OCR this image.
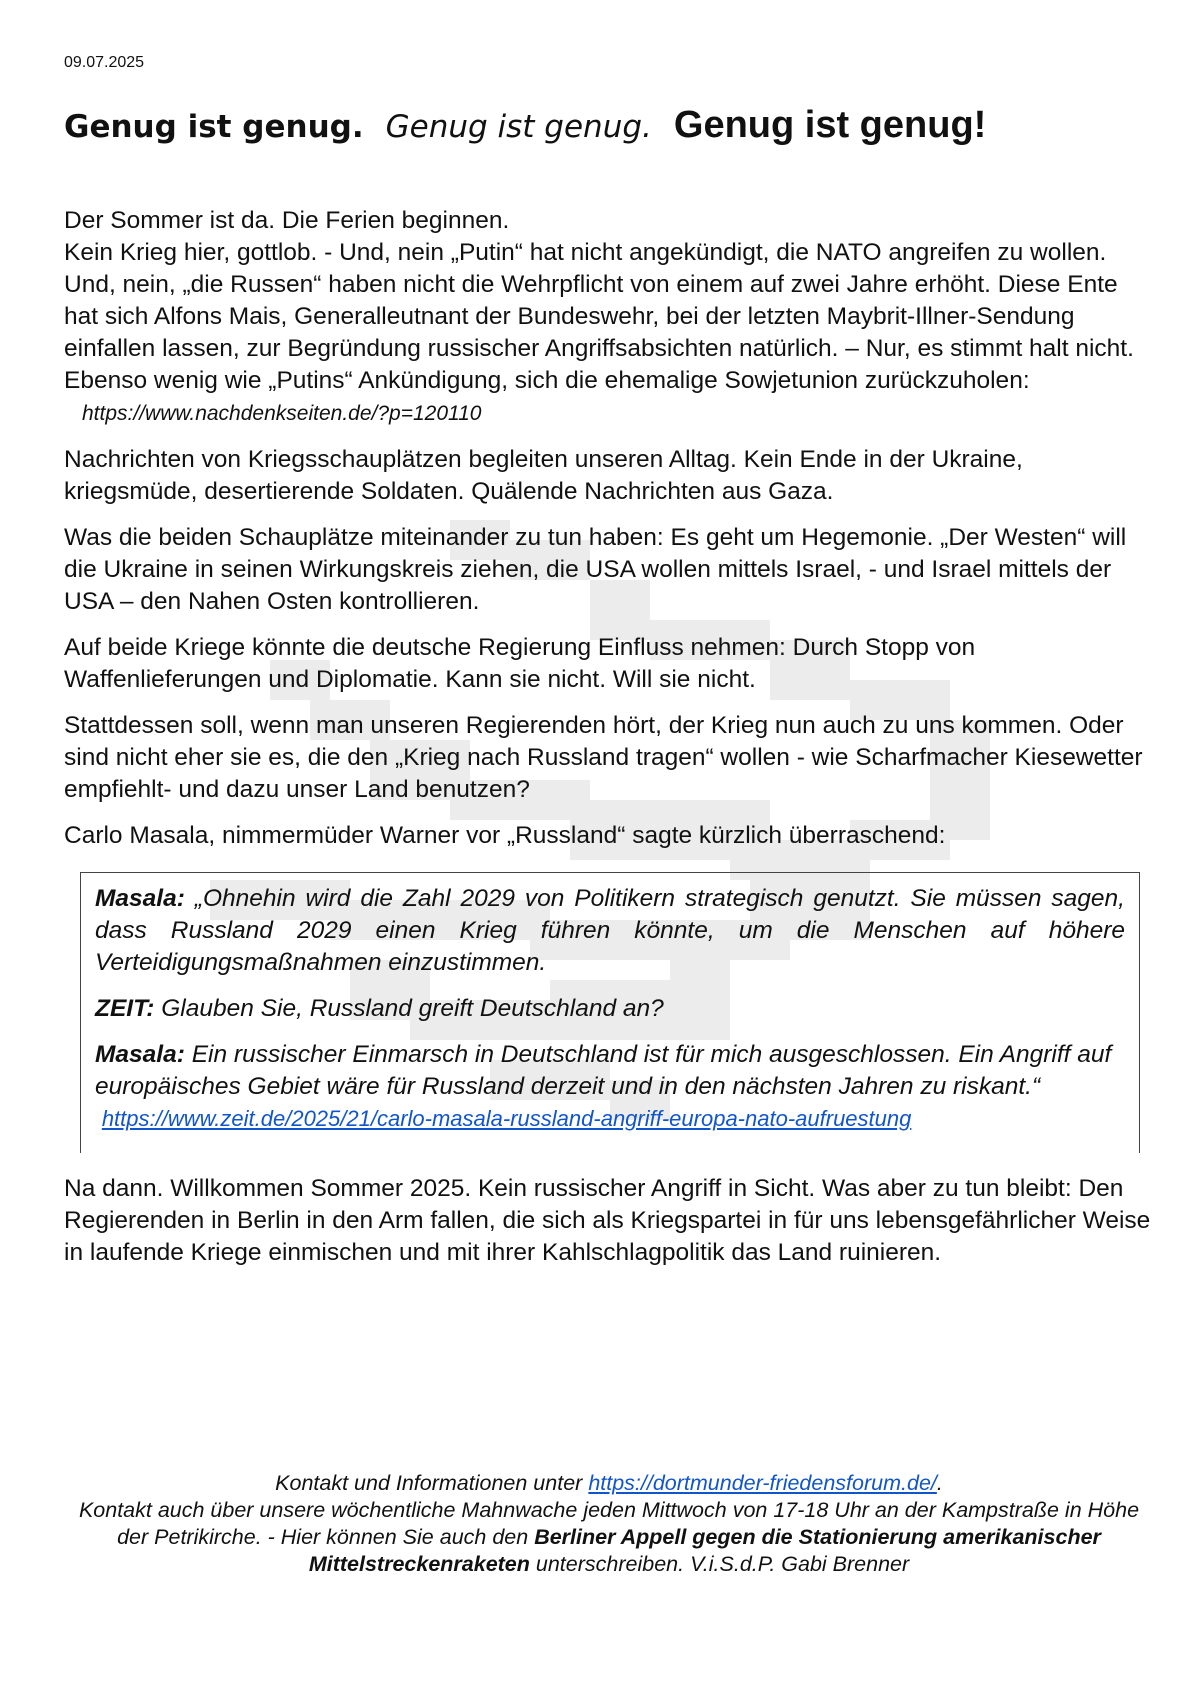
09.07.2025
Genug ist genug. Genug ist genug. Genug ist genug!

Der Sommer ist da. Die Ferien beginnen.
Kein Krieg hier, gottlob. - Und, nein „Putin“ hat nicht angekündigt, die NATO angreifen zu wollen. Und, nein, „die Russen“ haben nicht die Wehrpflicht von einem auf zwei Jahre erhöht. Diese Ente hat sich Alfons Mais, Generalleutnant der Bundeswehr, bei der letzten Maybrit-Illner-Sendung einfallen lassen, zur Begründung russischer Angriffsabsichten natürlich. – Nur, es stimmt halt nicht. Ebenso wenig wie „Putins“ Ankündigung, sich die ehemalige Sowjetunion zurückzuholen: https://www.nachdenkseiten.de/?p=120110

Nachrichten von Kriegsschauplätzen begleiten unseren Alltag. Kein Ende in der Ukraine, kriegsmüde, desertierende Soldaten. Quälende Nachrichten aus Gaza.

Was die beiden Schauplätze miteinander zu tun haben: Es geht um Hegemonie. „Der Westen“ will die Ukraine in seinen Wirkungskreis ziehen, die USA wollen mittels Israel, - und Israel mittels der USA – den Nahen Osten kontrollieren.

Auf beide Kriege könnte die deutsche Regierung Einfluss nehmen: Durch Stopp von Waffenlieferungen und Diplomatie. Kann sie nicht. Will sie nicht.

Stattdessen soll, wenn man unseren Regierenden hört, der Krieg nun auch zu uns kommen. Oder sind nicht eher sie es, die den „Krieg nach Russland tragen“ wollen - wie Scharfmacher Kiesewetter empfiehlt- und dazu unser Land benutzen?

Carlo Masala, nimmermüder Warner vor „Russland“ sagte kürzlich überraschend:

Masala: „Ohnehin wird die Zahl 2029 von Politikern strategisch genutzt. Sie müssen sagen, dass Russland 2029 einen Krieg führen könnte, um die Menschen auf höhere Verteidigungsmaßnahmen einzustimmen.

ZEIT: Glauben Sie, Russland greift Deutschland an?

Masala: Ein russischer Einmarsch in Deutschland ist für mich ausgeschlossen. Ein Angriff auf europäisches Gebiet wäre für Russland derzeit und in den nächsten Jahren zu riskant.“  https://www.zeit.de/2025/21/carlo-masala-russland-angriff-europa-nato-aufruestung

Na dann. Willkommen Sommer 2025. Kein russischer Angriff in Sicht. Was aber zu tun bleibt: Den Regierenden in Berlin in den Arm fallen, die sich als Kriegspartei in für uns lebensgefährlicher Weise in laufende Kriege einmischen und mit ihrer Kahlschlagpolitik das Land ruinieren.

Kontakt und Informationen unter https://dortmunder-friedensforum.de/.
Kontakt auch über unsere wöchentliche Mahnwache jeden Mittwoch von 17-18 Uhr an der Kampstraße in Höhe der Petrikirche. - Hier können Sie auch den Berliner Appell gegen die Stationierung amerikanischer Mittelstreckenraketen unterschreiben. V.i.S.d.P. Gabi Brenner
